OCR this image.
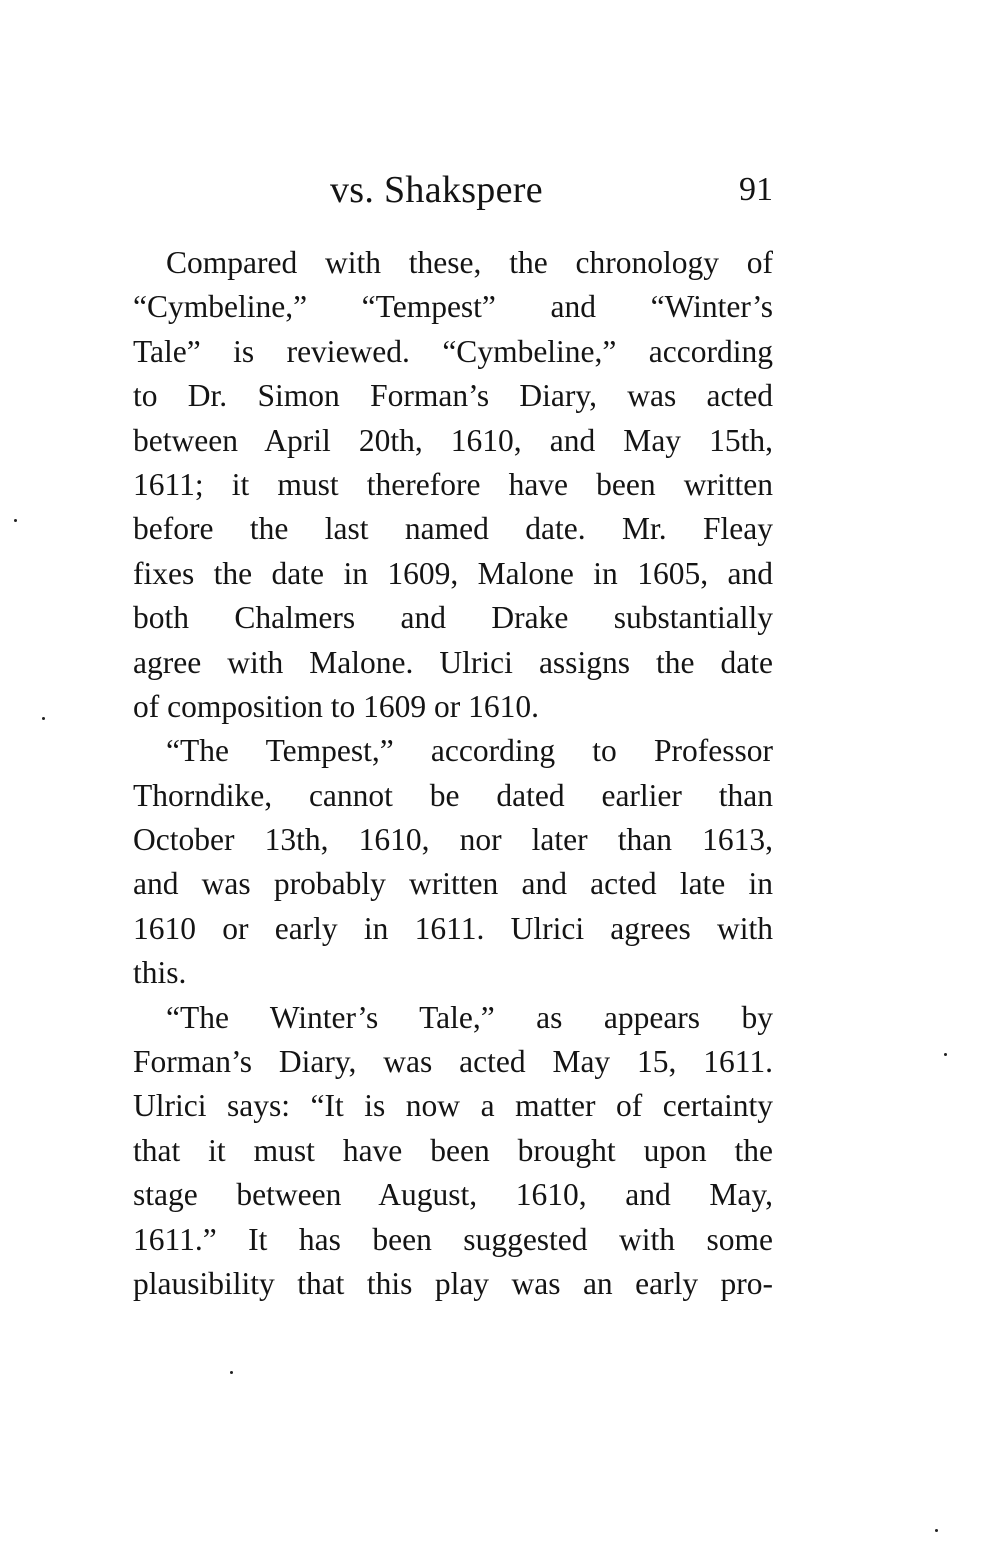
vs. Shakspere	91
Compared with these, the chronology of
“Cymbeline,” “Tempest” and “Winter’s
Tale” is reviewed. “Cymbeline,” according
to Dr. Simon Forman’s Diary, was acted
between April 20th, 1610, and May 15th,
1611; it must therefore have been written
before the last named date. Mr. Fleay
fixes the date in 1609, Malone in 1605, and
both Chalmers and Drake substantially
agree with Malone. Ulrici assigns the date
of composition to 1609 or 1610.
“The Tempest,” according to Professor
Thorndike, cannot be dated earlier than
October 13th, 1610, nor later than 1613,
and was probably written and acted late in
1610 or early in 1611. Ulrici agrees with
this.
“The Winter’s Tale,” as appears by
Forman’s Diary, was acted May 15, 1611.
Ulrici says: “It is now a matter of certainty
that it must have been brought upon the
stage between August, 1610, and May,
1611.” It has been suggested with some
plausibility that this play was an early pro-
